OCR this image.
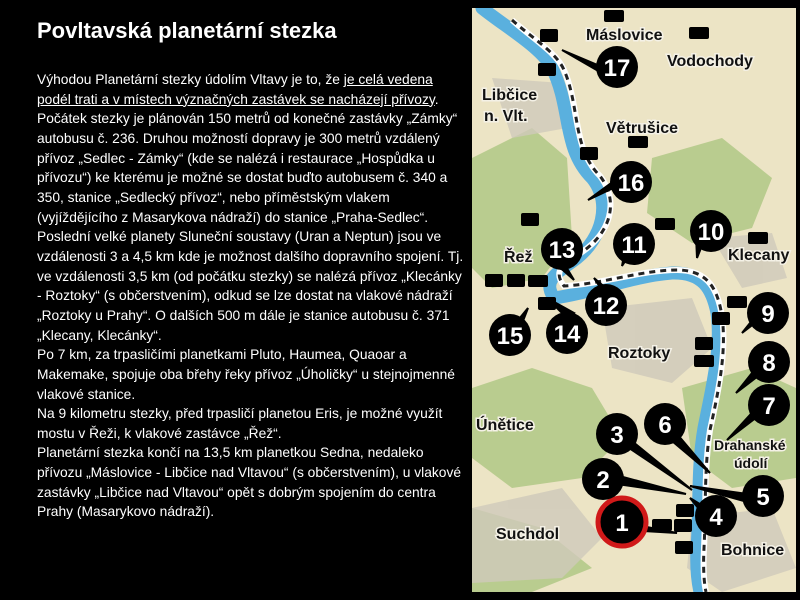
Povltavská planetární stezka

Výhodou Planetární stezky údolím Vltavy je to, že je celá vedena podél trati a v místech význačných zastávek se nacházejí přívozy.

Počátek stezky je plánován 150 metrů od konečné zastávky „Zámky“ autobusu č. 236. Druhou možností dopravy je 300 metrů vzdálený přívoz „Sedlec - Zámky“ (kde se nalézá i restaurace „Hospůdka u přívozu“) ke kterému je možné se dostat buďto autobusem č. 340 a 350, stanice „Sedlecký přívoz“, nebo příměstským vlakem (vyjíždějícího z Masarykova nádraží) do stanice „Praha-Sedlec“.

Poslední velké planety Sluneční soustavy (Uran a Neptun) jsou ve vzdálenosti 3 a 4,5 km kde je možnost dalšího dopravního spojení. Tj. ve vzdálenosti 3,5 km (od počátku stezky) se nalézá přívoz „Klecánky - Roztoky“ (s občerstvením), odkud se lze dostat na vlakové nádraží „Roztoky u Prahy“. O dalších 500 m dále je stanice autobusu č. 371 „Klecany, Klecánky“.

Po 7 km, za trpasličími planetkami Pluto, Haumea, Quaoar a Makemake, spojuje oba břehy řeky přívoz „Úholičky“ u stejnojmenné vlakové stanice.

Na 9 kilometru stezky, před trpasličí planetou Eris, je možné využít mostu v Řeži, k vlakové zastávce „Řež“.

Planetární stezka končí na 13,5 km planetkou Sedna, nedaleko přívozu „Máslovice - Libčice nad Vltavou“ (s občerstvením), u vlakové zastávky „Libčice nad Vltavou“ opět s dobrým spojením do centra Prahy (Masarykovo nádraží).	1
2
3
4
5
6
7
8
9
10
11
12
13
14
15
16
17
Máslovice
Vodochody
Libčice
n. Vlt.
Větrušice
Řež	Klecany
Roztoky
Únětice
Drahanské
údolí
Suchdol
Bohnice
